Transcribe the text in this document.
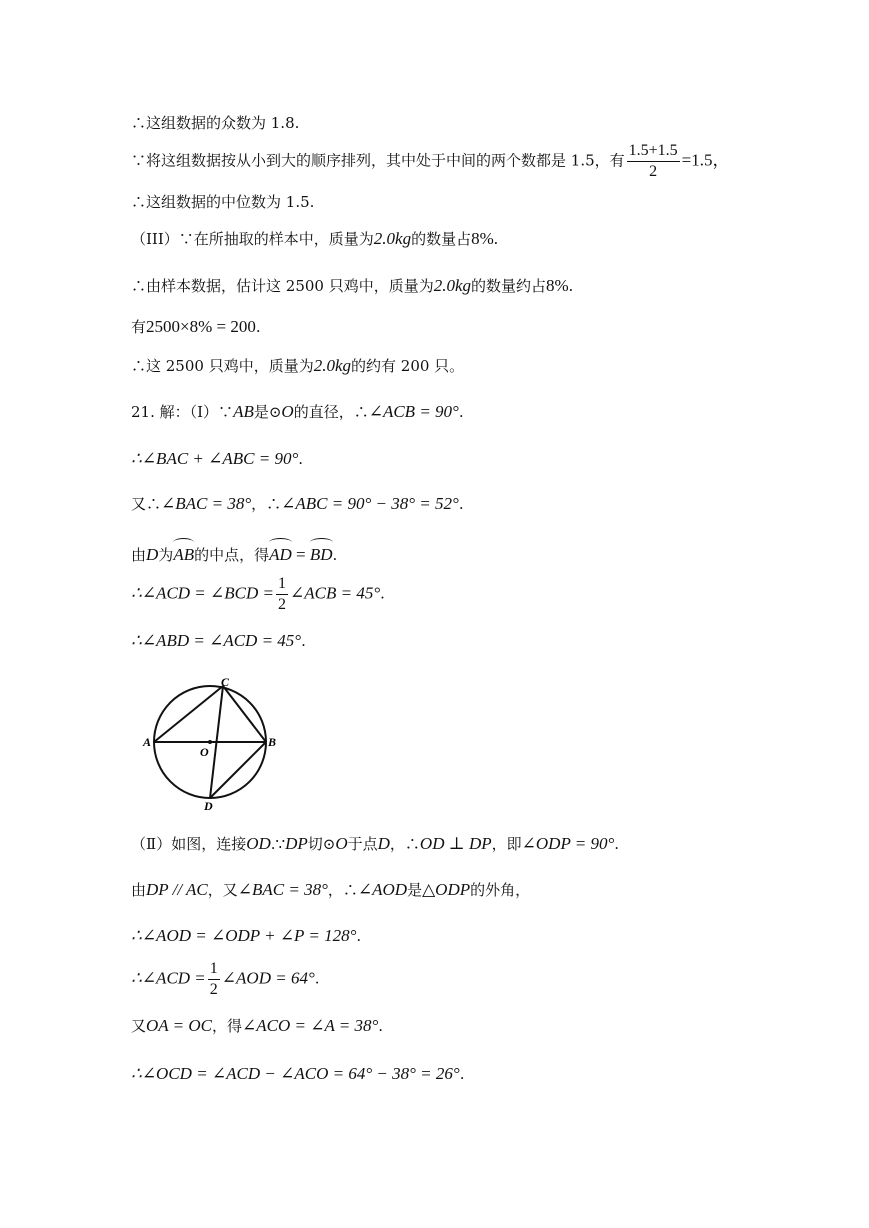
∴这组数据的众数为 1.8.
∵将这组数据按从小到大的顺序排列，其中处于中间的两个数都是 1.5，有 $\frac{1.5+1.5}{2} =1.5$，
∴这组数据的中位数为 1.5.
（III）∵在所抽取的样本中，质量为2.0kg的数量占8%.
∴由样本数据，估计这 2500 只鸡中，质量为2.0kg的数量约占8%.
有2500×8% = 200.
∴这 2500 只鸡中，质量为2.0kg的约有 200 只。
21. 解：（Ⅰ）∵AB是⊙O的直径，∴∠ACB = 90°.
∴∠BAC + ∠ABC = 90°.
又∴∠BAC = 38°，∴∠ABC = 90° − 38° = 52°.
由D为AB的中点，得AD = BD.
∴∠ACD = ∠BCD = $\frac{1}{2}$ ∠ACB = 45°.
∴∠ABD = ∠ACD = 45°.
A	B
C
D
O
（Ⅱ）如图，连接OD.∵DP切⊙O于点D，∴OD ⊥ DP，即∠ODP = 90°.
由DP // AC，又∠BAC = 38°，∴∠AOD是△ODP的外角，
∴∠AOD = ∠ODP + ∠P = 128°.
∴∠ACD = $\frac{1}{2}$ ∠AOD = 64°.
又OA = OC，得∠ACO = ∠A = 38°.
∴∠OCD = ∠ACD − ∠ACO = 64° − 38° = 26°.
